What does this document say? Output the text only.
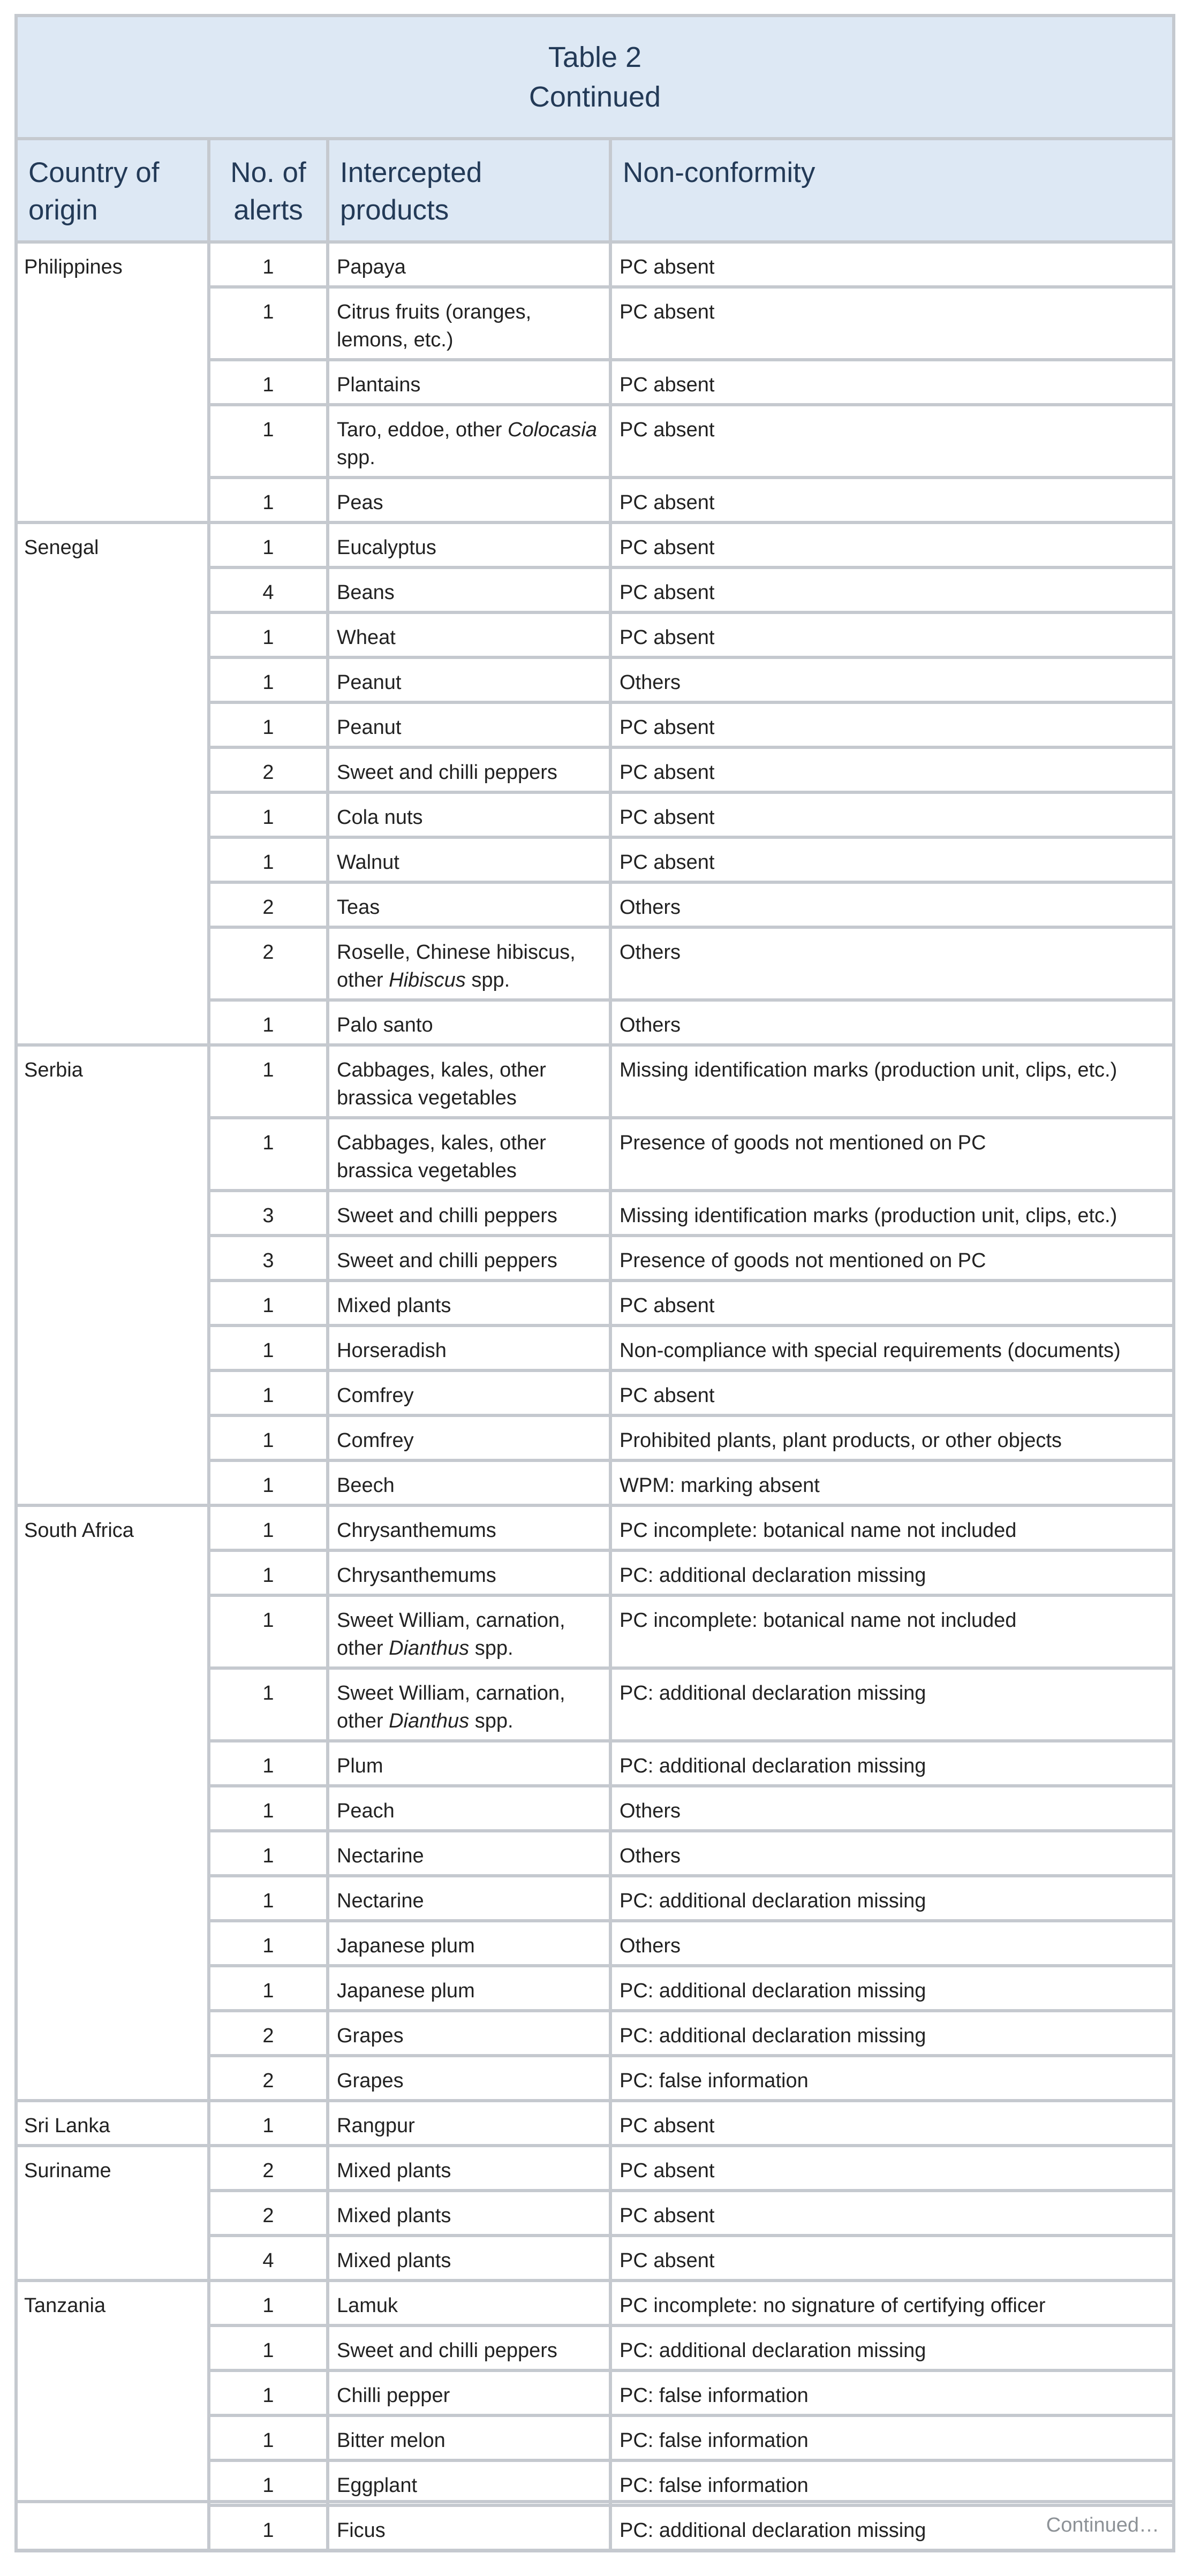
Table 2
Continued
Country of origin	No. of alerts	Intercepted products	Non-conformity
Philippines	1	Papaya	PC absent
	1	Citrus fruits (oranges, lemons, etc.)	PC absent
	1	Plantains	PC absent
	1	Taro, eddoe, other Colocasia spp.	PC absent
	1	Peas	PC absent
Senegal	1	Eucalyptus	PC absent
	4	Beans	PC absent
	1	Wheat	PC absent
	1	Peanut	Others
	1	Peanut	PC absent
	2	Sweet and chilli peppers	PC absent
	1	Cola nuts	PC absent
	1	Walnut	PC absent
	2	Teas	Others
	2	Roselle, Chinese hibiscus, other Hibiscus spp.	Others
	1	Palo santo	Others
Serbia	1	Cabbages, kales, other brassica vegetables	Missing identification marks (production unit, clips, etc.)
	1	Cabbages, kales, other brassica vegetables	Presence of goods not mentioned on PC
	3	Sweet and chilli peppers	Missing identification marks (production unit, clips, etc.)
	3	Sweet and chilli peppers	Presence of goods not mentioned on PC
	1	Mixed plants	PC absent
	1	Horseradish	Non-compliance with special requirements (documents)
	1	Comfrey	PC absent
	1	Comfrey	Prohibited plants, plant products, or other objects
	1	Beech	WPM: marking absent
South Africa	1	Chrysanthemums	PC incomplete: botanical name not included
	1	Chrysanthemums	PC: additional declaration missing
	1	Sweet William, carnation, other Dianthus spp.	PC incomplete: botanical name not included
	1	Sweet William, carnation, other Dianthus spp.	PC: additional declaration missing
	1	Plum	PC: additional declaration missing
	1	Peach	Others
	1	Nectarine	Others
	1	Nectarine	PC: additional declaration missing
	1	Japanese plum	Others
	1	Japanese plum	PC: additional declaration missing
	2	Grapes	PC: additional declaration missing
	2	Grapes	PC: false information
Sri Lanka	1	Rangpur	PC absent
Suriname	2	Mixed plants	PC absent
	2	Mixed plants	PC absent
	4	Mixed plants	PC absent
Tanzania	1	Lamuk	PC incomplete: no signature of certifying officer
	1	Sweet and chilli peppers	PC: additional declaration missing
	1	Chilli pepper	PC: false information
	1	Bitter melon	PC: false information
	1	Eggplant	PC: false information
	1	Ficus	PC: additional declaration missing	Continued…
